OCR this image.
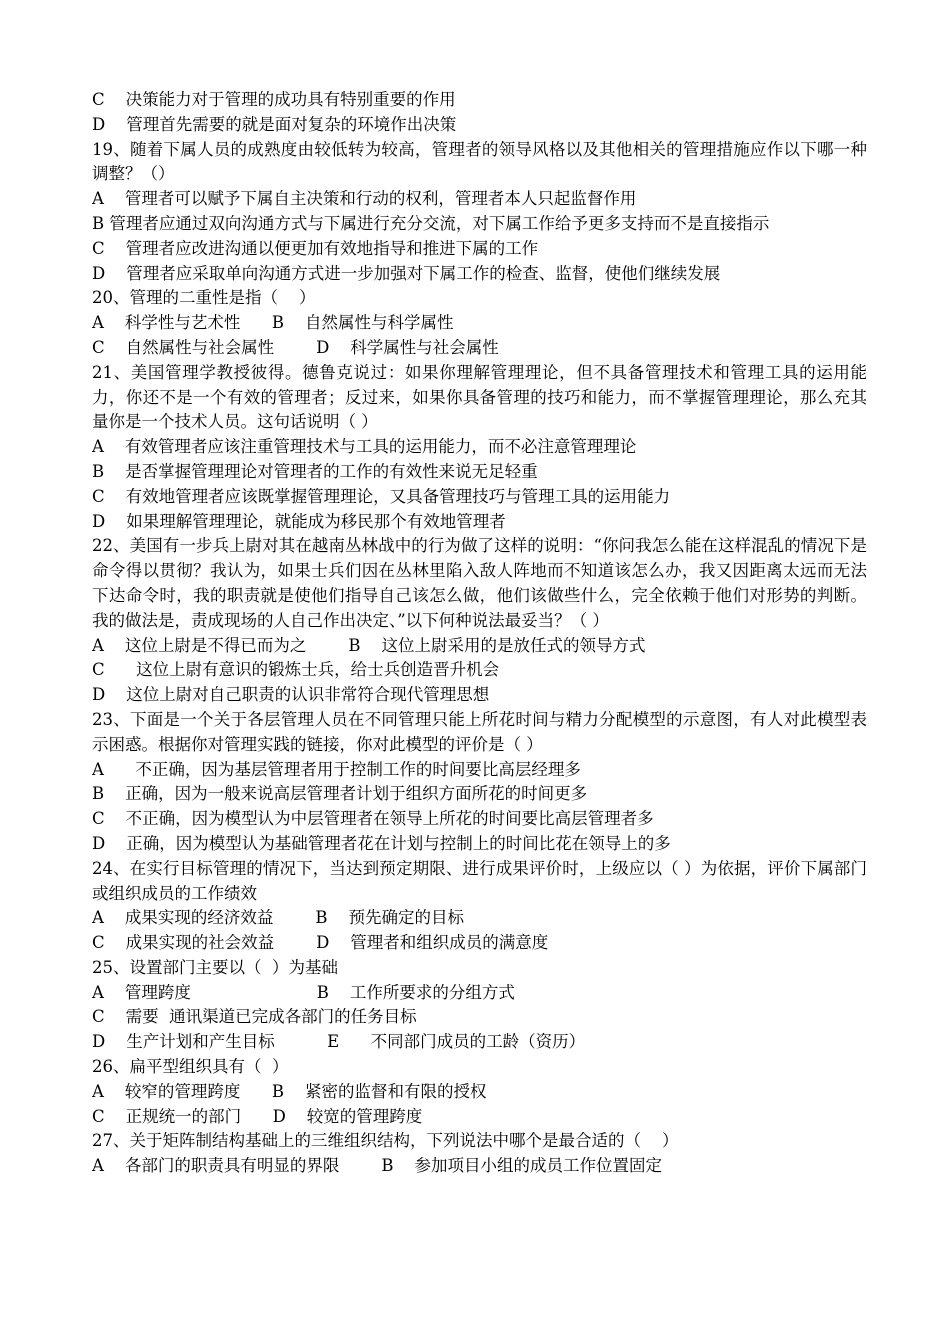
C    决策能力对于管理的成功具有特别重要的作用
D    管理首先需要的就是面对复杂的环境作出决策
19、随着下属人员的成熟度由较低转为较高，管理者的领导风格以及其他相关的管理措施应作以下哪一种调整？（）
A    管理者可以赋予下属自主决策和行动的权利，管理者本人只起监督作用
B 管理者应通过双向沟通方式与下属进行充分交流，对下属工作给予更多支持而不是直接指示
C    管理者应改进沟通以便更加有效地指导和推进下属的工作
D    管理者应采取单向沟通方式进一步加强对下属工作的检查、监督，使他们继续发展
20、管理的二重性是指（    ）
A    科学性与艺术性      B    自然属性与科学属性
C    自然属性与社会属性        D    科学属性与社会属性
21、美国管理学教授彼得。德鲁克说过：如果你理解管理理论，但不具备管理技术和管理工具的运用能力，你还不是一个有效的管理者；反过来，如果你具备管理的技巧和能力，而不掌握管理理论，那么充其量你是一个技术人员。这句话说明（ ）
A    有效管理者应该注重管理技术与工具的运用能力，而不必注意管理理论
B    是否掌握管理理论对管理者的工作的有效性来说无足轻重
C    有效地管理者应该既掌握管理理论，又具备管理技巧与管理工具的运用能力
D    如果理解管理理论，就能成为移民那个有效地管理者
22、美国有一步兵上尉对其在越南丛林战中的行为做了这样的说明：“你问我怎么能在这样混乱的情况下是命令得以贯彻？我认为，如果士兵们因在丛林里陷入敌人阵地而不知道该怎么办，我又因距离太远而无法下达命令时，我的职责就是使他们指导自己该怎么做，他们该做些什么，完全依赖于他们对形势的判断。我的做法是，责成现场的人自己作出决定、”以下何种说法最妥当？（ ）
A    这位上尉是不得已而为之        B    这位上尉采用的是放任式的领导方式
C      这位上尉有意识的锻炼士兵，给士兵创造晋升机会
D    这位上尉对自己职责的认识非常符合现代管理思想
23、下面是一个关于各层管理人员在不同管理只能上所花时间与精力分配模型的示意图，有人对此模型表示困惑。根据你对管理实践的链接，你对此模型的评价是（ ）
A      不正确，因为基层管理者用于控制工作的时间要比高层经理多
B    正确，因为一般来说高层管理者计划于组织方面所花的时间更多
C    不正确，因为模型认为中层管理者在领导上所花的时间要比高层管理者多
D    正确，因为模型认为基础管理者花在计划与控制上的时间比花在领导上的多
24、在实行目标管理的情况下，当达到预定期限、进行成果评价时，上级应以（ ）为依据，评价下属部门或组织成员的工作绩效
A    成果实现的经济效益        B    预先确定的目标
C    成果实现的社会效益        D    管理者和组织成员的满意度
25、设置部门主要以（  ）为基础
A    管理跨度                        B    工作所要求的分组方式
C    需要  通讯渠道已完成各部门的任务目标
D    生产计划和产生目标          E      不同部门成员的工龄（资历）
26、扁平型组织具有（  ）
A    较窄的管理跨度      B    紧密的监督和有限的授权
C    正规统一的部门      D    较宽的管理跨度
27、关于矩阵制结构基础上的三维组织结构，下列说法中哪个是最合适的（    ）
A    各部门的职责具有明显的界限        B    参加项目小组的成员工作位置固定
